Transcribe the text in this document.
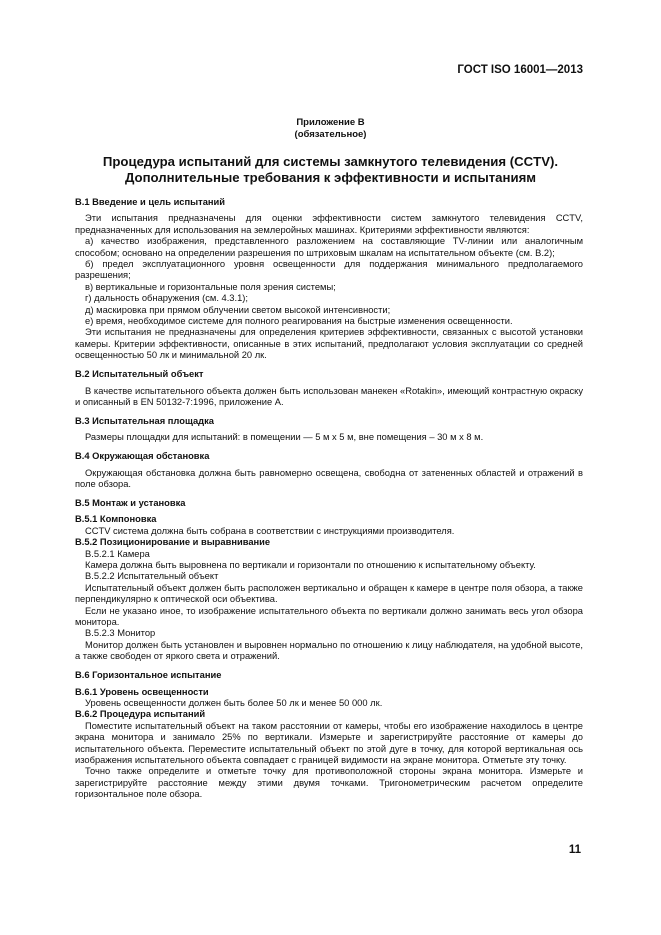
ГОСТ ISO 16001—2013
Приложение В
(обязательное)
Процедура испытаний для системы замкнутого телевидения (CCTV).
Дополнительные требования к эффективности и испытаниям
В.1 Введение и цель испытаний
Эти испытания предназначены для оценки эффективности систем замкнутого телевидения CCTV, предназначенных для использования на землеройных машинах. Критериями эффективности являются:
а) качество изображения, представленного разложением на составляющие TV-линии или аналогичным способом; основано на определении разрешения по штриховым шкалам на испытательном объекте (см. В.2);
б) предел эксплуатационного уровня освещенности для поддержания минимального предполагаемого разрешения;
в) вертикальные и горизонтальные поля зрения системы;
г) дальность обнаружения (см. 4.3.1);
д) маскировка при прямом облучении светом высокой интенсивности;
е) время, необходимое системе для полного реагирования на быстрые изменения освещенности.
Эти испытания не предназначены для определения критериев эффективности, связанных с высотой установки камеры. Критерии эффективности, описанные в этих испытаний, предполагают условия эксплуатации со средней освещенностью 50 лк и минимальной 20 лк.
В.2 Испытательный объект
В качестве испытательного объекта должен быть использован манекен «Rotakin», имеющий контрастную окраску и описанный в EN 50132-7:1996, приложение А.
В.3 Испытательная площадка
Размеры площадки для испытаний: в помещении — 5 м х 5 м, вне помещения – 30 м х 8 м.
В.4 Окружающая обстановка
Окружающая обстановка должна быть равномерно освещена, свободна от затененных областей и отражений в поле обзора.
В.5 Монтаж и установка
В.5.1 Компоновка
CCTV система должна быть собрана в соответствии с инструкциями производителя.
В.5.2 Позиционирование и выравнивание
В.5.2.1 Камера
Камера должна быть выровнена по вертикали и горизонтали по отношению к испытательному объекту.
В.5.2.2 Испытательный объект
Испытательный объект должен быть расположен вертикально и обращен к камере в центре поля обзора, а также перпендикулярно к оптической оси объектива.
Если не указано иное, то изображение испытательного объекта по вертикали должно занимать весь угол обзора монитора.
В.5.2.3 Монитор
Монитор должен быть установлен и выровнен нормально по отношению к лицу наблюдателя, на удобной высоте, а также свободен от яркого света и отражений.
В.6 Горизонтальное испытание
В.6.1 Уровень освещенности
Уровень освещенности должен быть более 50 лк и менее 50 000 лк.
В.6.2 Процедура испытаний
Поместите испытательный объект на таком расстоянии от камеры, чтобы его изображение находилось в центре экрана монитора и занимало 25% по вертикали. Измерьте и зарегистрируйте расстояние от камеры до испытательного объекта. Переместите испытательный объект по этой дуге в точку, для которой вертикальная ось изображения испытательного объекта совпадает с границей видимости на экране монитора. Отметьте эту точку.
Точно также определите и отметьте точку для противоположной стороны экрана монитора. Измерьте и зарегистрируйте расстояние между этими двумя точками. Тригонометрическим расчетом определите горизонтальное поле обзора.
11
